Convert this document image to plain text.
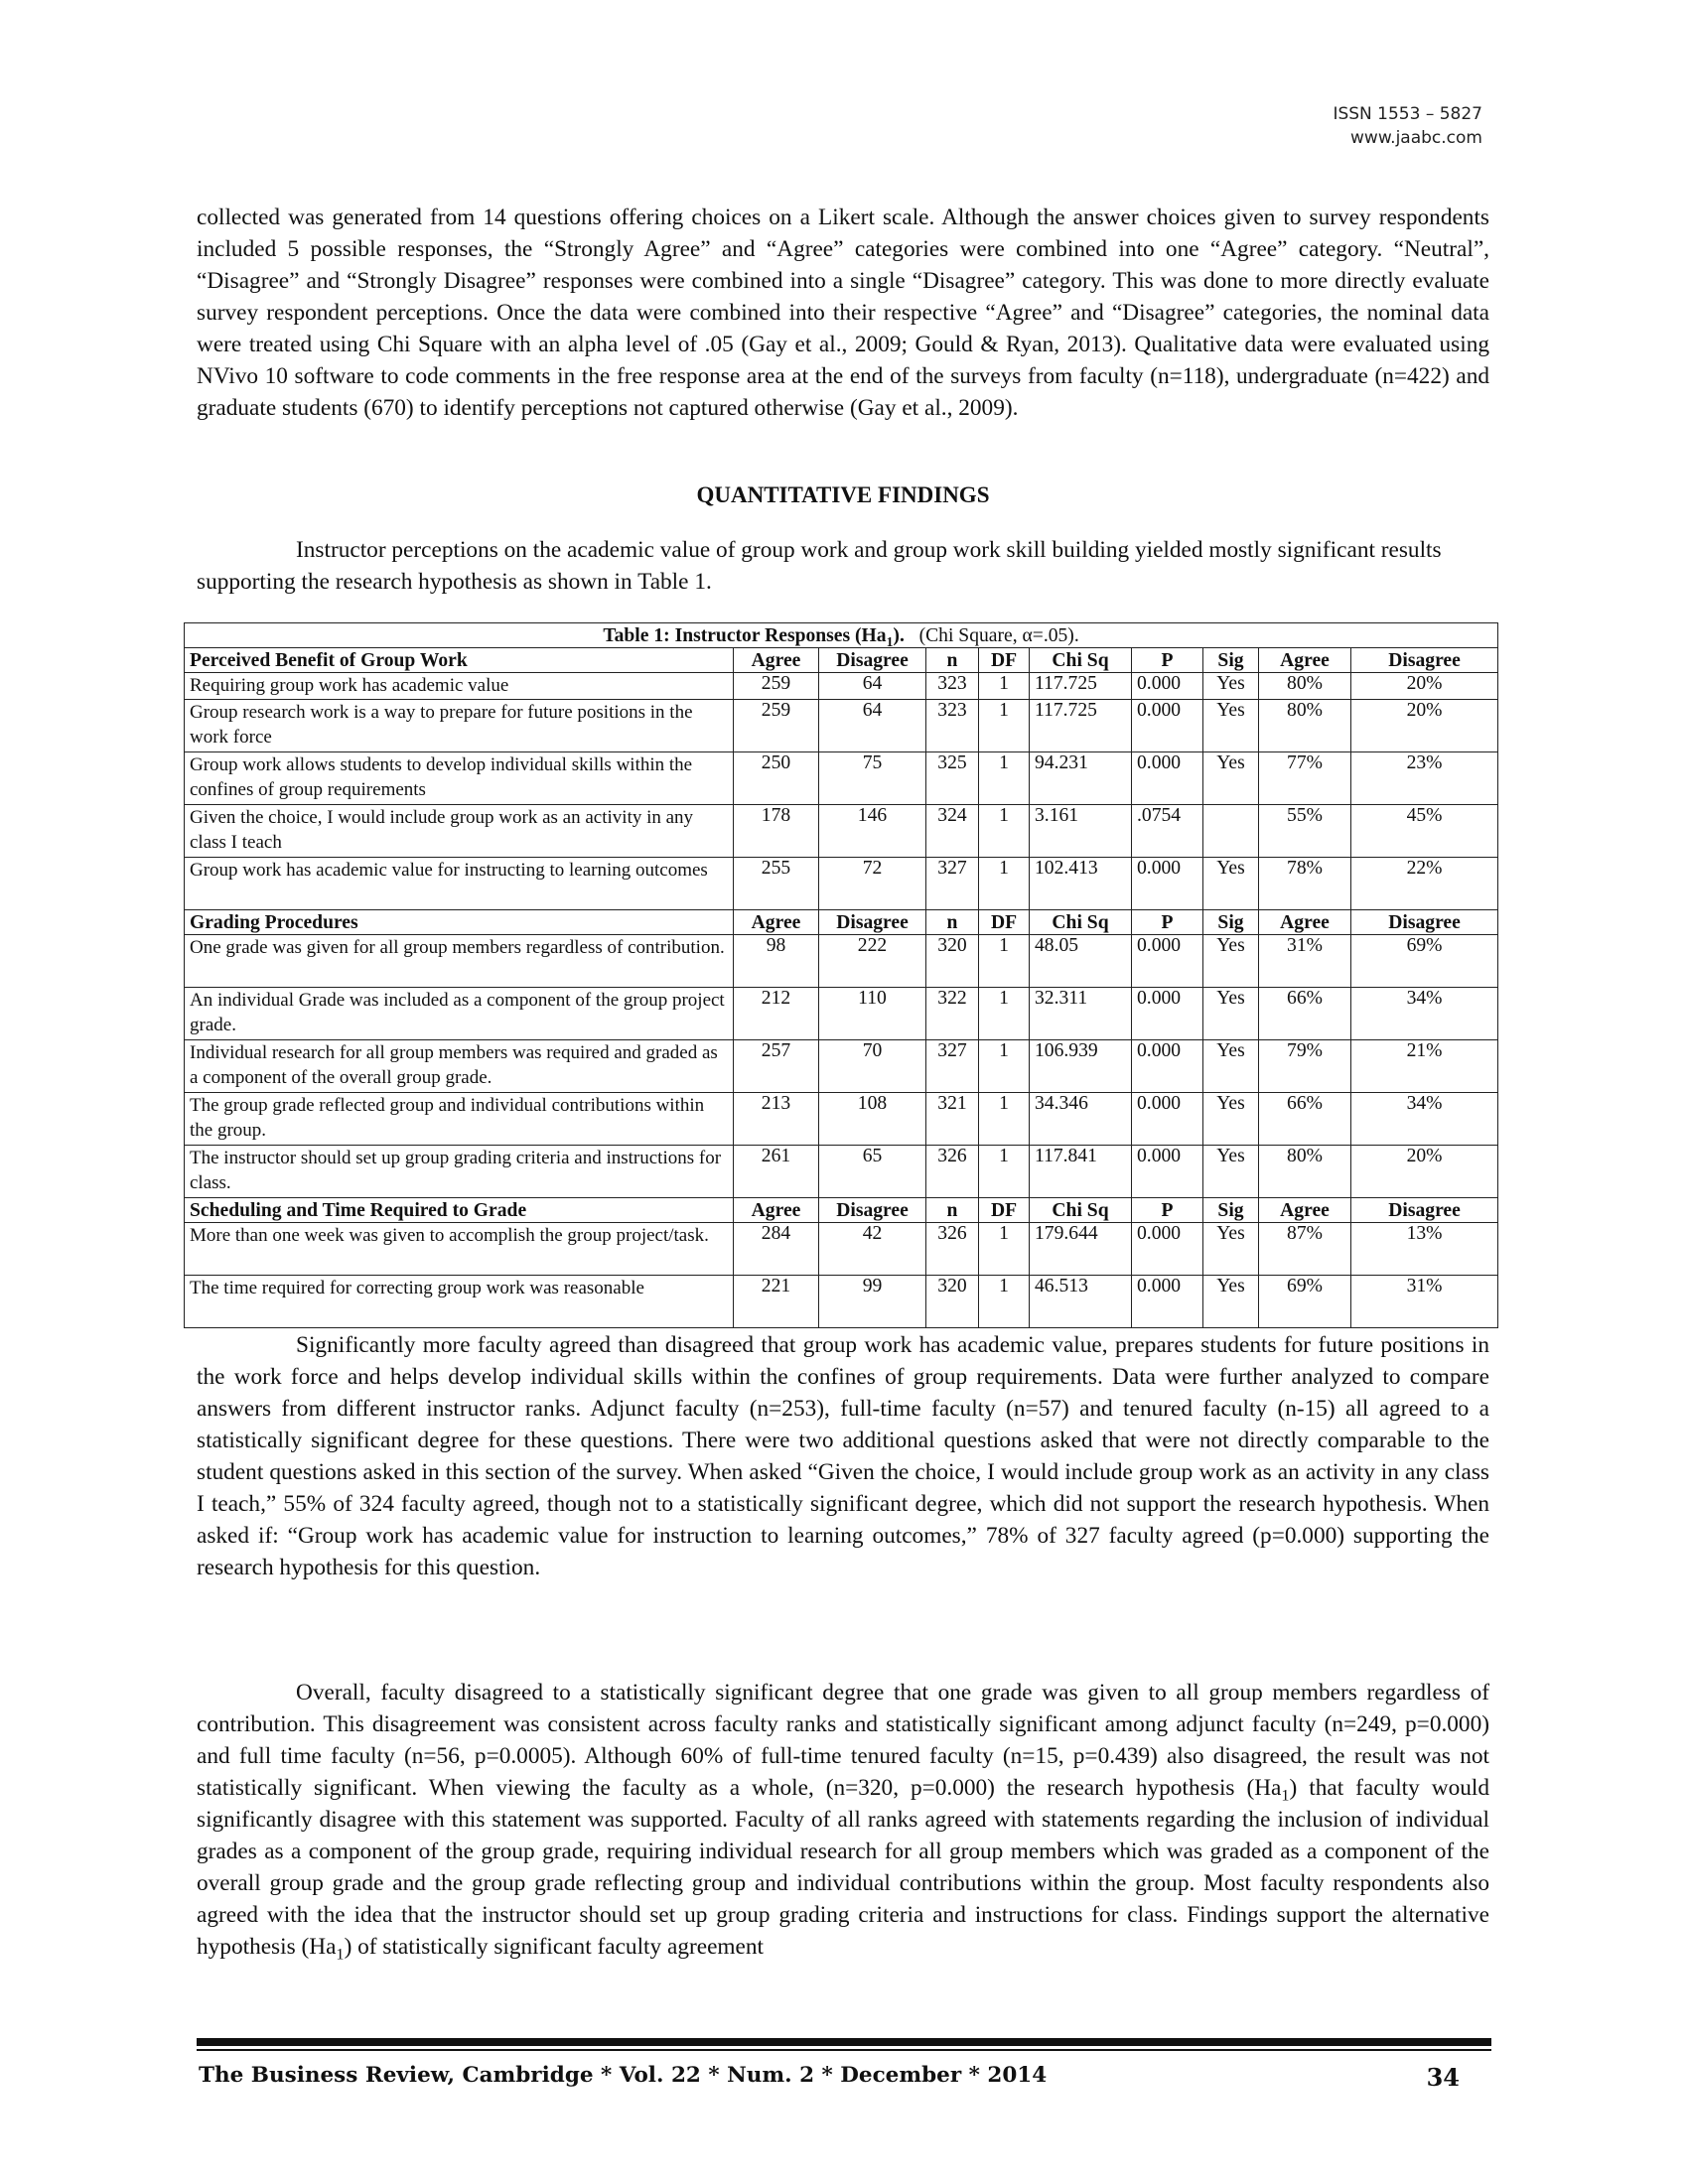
ISSN 1553 – 5827
www.jaabc.com

collected was generated from 14 questions offering choices on a Likert scale. Although the answer choices given to survey respondents included 5 possible responses, the “Strongly Agree” and “Agree” categories were combined into one “Agree” category. “Neutral”, “Disagree” and “Strongly Disagree” responses were combined into a single “Disagree” category. This was done to more directly evaluate survey respondent perceptions. Once the data were combined into their respective “Agree” and “Disagree” categories, the nominal data were treated using Chi Square with an alpha level of .05 (Gay et al., 2009; Gould & Ryan, 2013). Qualitative data were evaluated using NVivo 10 software to code comments in the free response area at the end of the surveys from faculty (n=118), undergraduate (n=422) and graduate students (670) to identify perceptions not captured otherwise (Gay et al., 2009).

QUANTITATIVE FINDINGS

Instructor perceptions on the academic value of group work and group work skill building yielded mostly significant results supporting the research hypothesis as shown in Table 1.

Table 1: Instructor Responses $(Ha_1)$. (Chi Square, α=.05).									
Perceived Benefit of Group Work	Agree	Disagree	n	DF	Chi Sq	P	Sig	Agree	Disagree
Requiring group work has academic value	259	64	323	1	117.725	0.000	Yes	80%	20%
Group research work is a way to prepare for future positions in the work force	259	64	323	1	117.725	0.000	Yes	80%	20%
Group work allows students to develop individual skills within the confines of group requirements	250	75	325	1	94.231	0.000	Yes	77%	23%
Given the choice, I would include group work as an activity in any class I teach	178	146	324	1	3.161	.0754		55%	45%
Group work has academic value for instructing to learning outcomes	255	72	327	1	102.413	0.000	Yes	78%	22%
Grading Procedures	Agree	Disagree	n	DF	Chi Sq	P	Sig	Agree	Disagree
One grade was given for all group members regardless of contribution.	98	222	320	1	48.05	0.000	Yes	31%	69%
An individual Grade was included as a component of the group project grade.	212	110	322	1	32.311	0.000	Yes	66%	34%
Individual research for all group members was required and graded as a component of the overall group grade.	257	70	327	1	106.939	0.000	Yes	79%	21%
The group grade reflected group and individual contributions within the group.	213	108	321	1	34.346	0.000	Yes	66%	34%
The instructor should set up group grading criteria and instructions for class.	261	65	326	1	117.841	0.000	Yes	80%	20%
Scheduling and Time Required to Grade	Agree	Disagree	n	DF	Chi Sq	P	Sig	Agree	Disagree
More than one week was given to accomplish the group project/task.	284	42	326	1	179.644	0.000	Yes	87%	13%
The time required for correcting group work was reasonable	221	99	320	1	46.513	0.000	Yes	69%	31%

Significantly more faculty agreed than disagreed that group work has academic value, prepares students for future positions in the work force and helps develop individual skills within the confines of group requirements. Data were further analyzed to compare answers from different instructor ranks. Adjunct faculty (n=253), full-time faculty (n=57) and tenured faculty (n-15) all agreed to a statistically significant degree for these questions. There were two additional questions asked that were not directly comparable to the student questions asked in this section of the survey. When asked “Given the choice, I would include group work as an activity in any class I teach,” 55% of 324 faculty agreed, though not to a statistically significant degree, which did not support the research hypothesis. When asked if: “Group work has academic value for instruction to learning outcomes,” 78% of 327 faculty agreed (p=0.000) supporting the research hypothesis for this question.

Overall, faculty disagreed to a statistically significant degree that one grade was given to all group members regardless of contribution. This disagreement was consistent across faculty ranks and statistically significant among adjunct faculty (n=249, p=0.000) and full time faculty (n=56, p=0.0005). Although 60% of full-time tenured faculty (n=15, p=0.439) also disagreed, the result was not statistically significant. When viewing the faculty as a whole, (n=320, p=0.000) the research hypothesis $(Ha_1)$ that faculty would significantly disagree with this statement was supported. Faculty of all ranks agreed with statements regarding the inclusion of individual grades as a component of the group grade, requiring individual research for all group members which was graded as a component of the overall group grade and the group grade reflecting group and individual contributions within the group. Most faculty respondents also agreed with the idea that the instructor should set up group grading criteria and instructions for class. Findings support the alternative hypothesis $(Ha_1)$ of statistically significant faculty agreement

The Business Review, Cambridge * Vol. 22 * Num. 2 * December * 2014	34
